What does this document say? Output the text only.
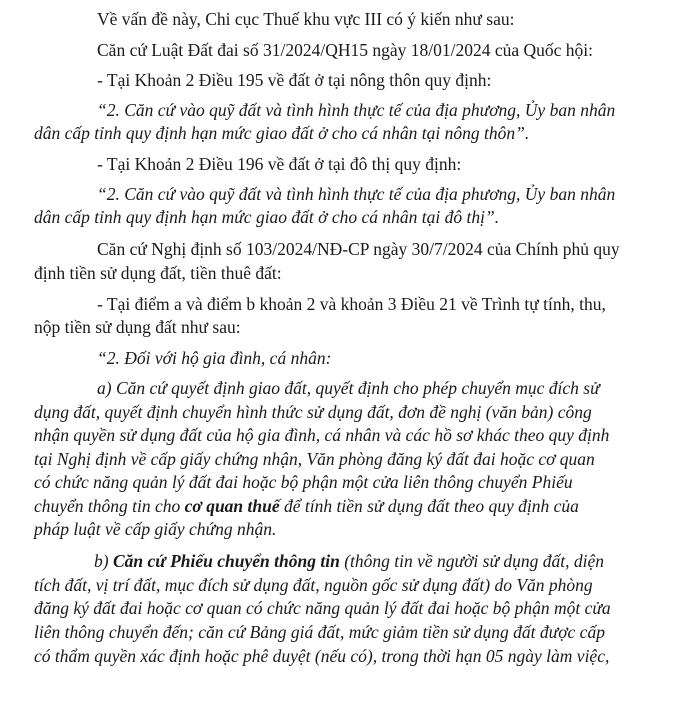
Về vấn đề này, Chi cục Thuế khu vực III có ý kiến như sau:
Căn cứ Luật Đất đai số 31/2024/QH15 ngày 18/01/2024 của Quốc hội:
- Tại Khoản 2 Điều 195 về đất ở tại nông thôn quy định:
“2. Căn cứ vào quỹ đất và tình hình thực tế của địa phương, Ủy ban nhân
dân cấp tỉnh quy định hạn mức giao đất ở cho cá nhân tại nông thôn”.
- Tại Khoản 2 Điều 196 về đất ở tại đô thị quy định:
“2. Căn cứ vào quỹ đất và tình hình thực tế của địa phương, Ủy ban nhân
dân cấp tỉnh quy định hạn mức giao đất ở cho cá nhân tại đô thị”.
Căn cứ Nghị định số 103/2024/NĐ-CP ngày 30/7/2024 của Chính phủ quy
định tiền sử dụng đất, tiền thuê đất:
- Tại điểm a và điểm b khoản 2 và khoản 3 Điều 21 về Trình tự tính, thu,
nộp tiền sử dụng đất như sau:
“2. Đối với hộ gia đình, cá nhân:
a) Căn cứ quyết định giao đất, quyết định cho phép chuyển mục đích sử
dụng đất, quyết định chuyển hình thức sử dụng đất, đơn đề nghị (văn bản) công
nhận quyền sử dụng đất của hộ gia đình, cá nhân và các hồ sơ khác theo quy định
tại Nghị định về cấp giấy chứng nhận, Văn phòng đăng ký đất đai hoặc cơ quan
có chức năng quản lý đất đai hoặc bộ phận một cửa liên thông chuyển Phiếu
chuyển thông tin cho cơ quan thuế để tính tiền sử dụng đất theo quy định của
pháp luật về cấp giấy chứng nhận.
b) Căn cứ Phiếu chuyển thông tin (thông tin về người sử dụng đất, diện
tích đất, vị trí đất, mục đích sử dụng đất, nguồn gốc sử dụng đất) do Văn phòng
đăng ký đất đai hoặc cơ quan có chức năng quản lý đất đai hoặc bộ phận một cửa
liên thông chuyển đến; căn cứ Bảng giá đất, mức giảm tiền sử dụng đất được cấp
có thẩm quyền xác định hoặc phê duyệt (nếu có), trong thời hạn 05 ngày làm việc,
